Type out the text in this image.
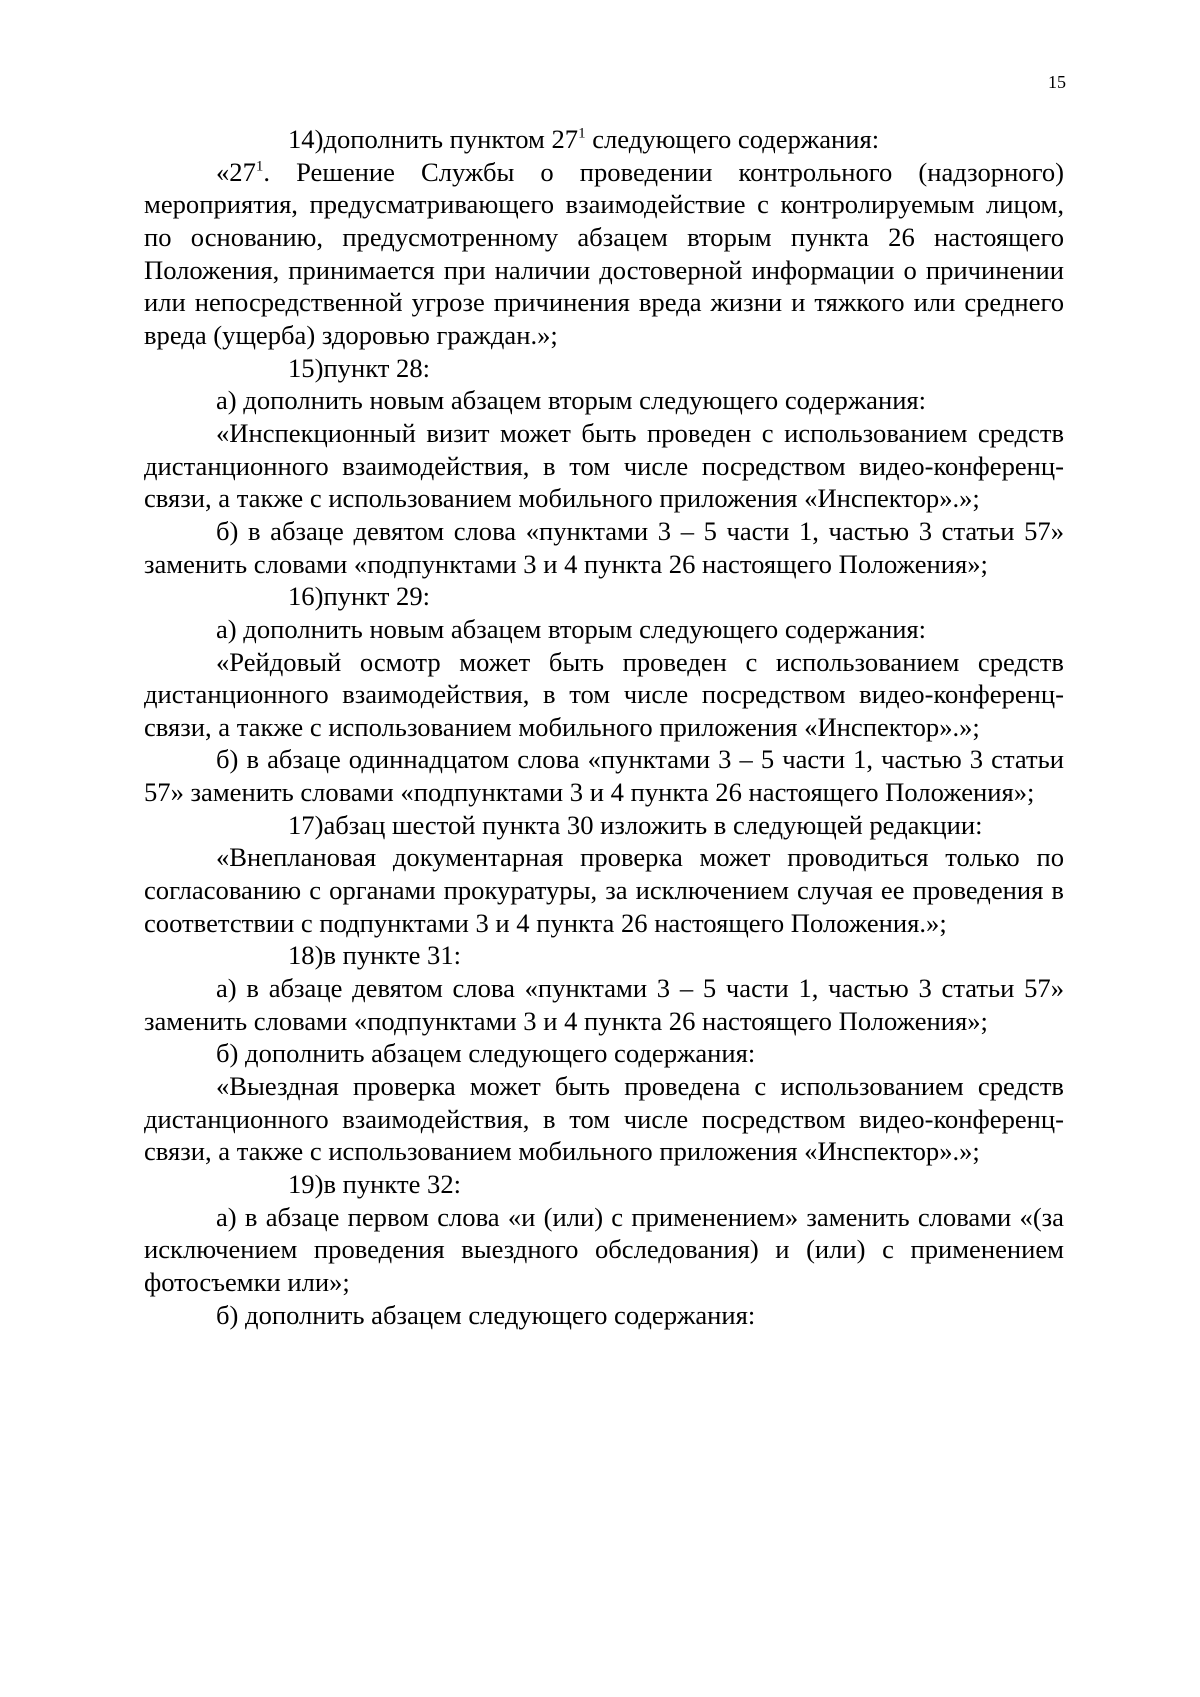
15

14)дополнить пунктом $27^1$ следующего содержания:

«$27^1$. Решение Службы о проведении контрольного (надзорного) мероприятия, предусматривающего взаимодействие с контролируемым лицом, по основанию, предусмотренному абзацем вторым пункта 26 настоящего Положения, принимается при наличии достоверной информации о причинении или непосредственной угрозе причинения вреда жизни и тяжкого или среднего вреда (ущерба) здоровью граждан.»;

15)пункт 28:

а) дополнить новым абзацем вторым следующего содержания:

«Инспекционный визит может быть проведен с использованием средств дистанционного взаимодействия, в том числе посредством видео-конференц-связи, а также с использованием мобильного приложения «Инспектор».»;

б) в абзаце девятом слова «пунктами 3 – 5 части 1, частью 3 статьи 57» заменить словами «подпунктами 3 и 4 пункта 26 настоящего Положения»;

16)пункт 29:

а) дополнить новым абзацем вторым следующего содержания:

«Рейдовый осмотр может быть проведен с использованием средств дистанционного взаимодействия, в том числе посредством видео-конференц-связи, а также с использованием мобильного приложения «Инспектор».»;

б) в абзаце одиннадцатом слова «пунктами 3 – 5 части 1, частью 3 статьи 57» заменить словами «подпунктами 3 и 4 пункта 26 настоящего Положения»;

17)абзац шестой пункта 30 изложить в следующей редакции:

«Внеплановая документарная проверка может проводиться только по согласованию с органами прокуратуры, за исключением случая ее проведения в соответствии с подпунктами 3 и 4 пункта 26 настоящего Положения.»;

18)в пункте 31:

а) в абзаце девятом слова «пунктами 3 – 5 части 1, частью 3 статьи 57» заменить словами «подпунктами 3 и 4 пункта 26 настоящего Положения»;

б) дополнить абзацем следующего содержания:

«Выездная проверка может быть проведена с использованием средств дистанционного взаимодействия, в том числе посредством видео-конференц-связи, а также с использованием мобильного приложения «Инспектор».»;

19)в пункте 32:

а) в абзаце первом слова «и (или) с применением» заменить словами «(за исключением проведения выездного обследования) и (или) с применением фотосъемки или»;

б) дополнить абзацем следующего содержания:
